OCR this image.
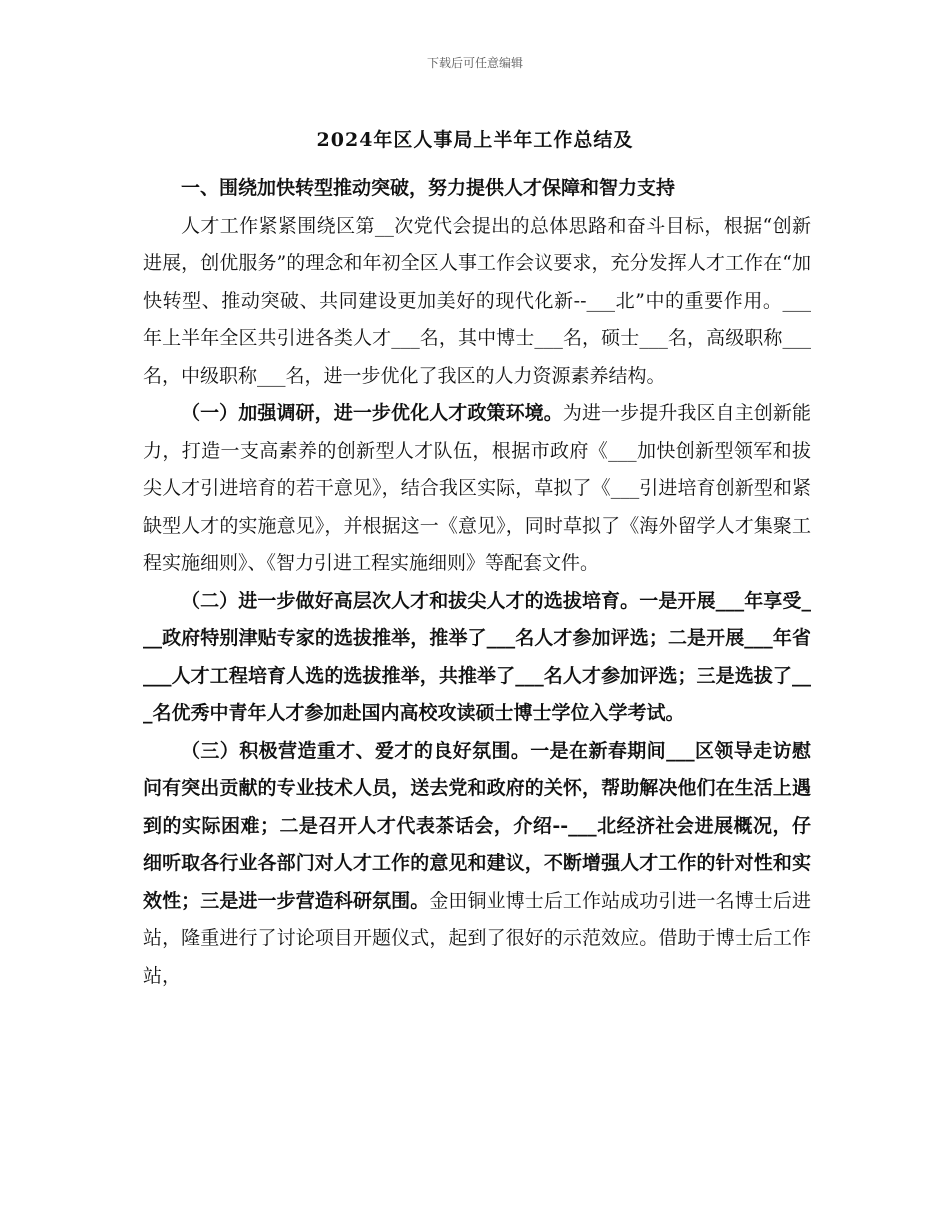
下载后可任意编辑
2024年区人事局上半年工作总结及

一、围绕加快转型推动突破，努力提供人才保障和智力支持

人才工作紧紧围绕区第__次党代会提出的总体思路和奋斗目标，根据“创新进展，创优服务”的理念和年初全区人事工作会议要求，充分发挥人才工作在“加快转型、推动突破、共同建设更加美好的现代化新--___北”中的重要作用。___年上半年全区共引进各类人才___名，其中博士___名，硕士___名，高级职称___名，中级职称___名，进一步优化了我区的人力资源素养结构。

（一）加强调研，进一步优化人才政策环境。为进一步提升我区自主创新能力，打造一支高素养的创新型人才队伍，根据市政府《___加快创新型领军和拔尖人才引进培育的若干意见》，结合我区实际，草拟了《___引进培育创新型和紧缺型人才的实施意见》，并根据这一《意见》，同时草拟了《海外留学人才集聚工程实施细则》、《智力引进工程实施细则》等配套文件。

（二）进一步做好高层次人才和拔尖人才的选拔培育。一是开展___年享受___政府特别津贴专家的选拔推举，推举了___名人才参加评选；二是开展___年省___人才工程培育人选的选拔推举，共推举了___名人才参加评选；三是选拔了___名优秀中青年人才参加赴国内高校攻读硕士博士学位入学考试。

（三）积极营造重才、爱才的良好氛围。一是在新春期间___区领导走访慰问有突出贡献的专业技术人员，送去党和政府的关怀，帮助解决他们在生活上遇到的实际困难；二是召开人才代表茶话会，介绍--___北经济社会进展概况，仔细听取各行业各部门对人才工作的意见和建议，不断增强人才工作的针对性和实效性；三是进一步营造科研氛围。金田铜业博士后工作站成功引进一名博士后进站，隆重进行了讨论项目开题仪式，起到了很好的示范效应。借助于博士后工作站，
